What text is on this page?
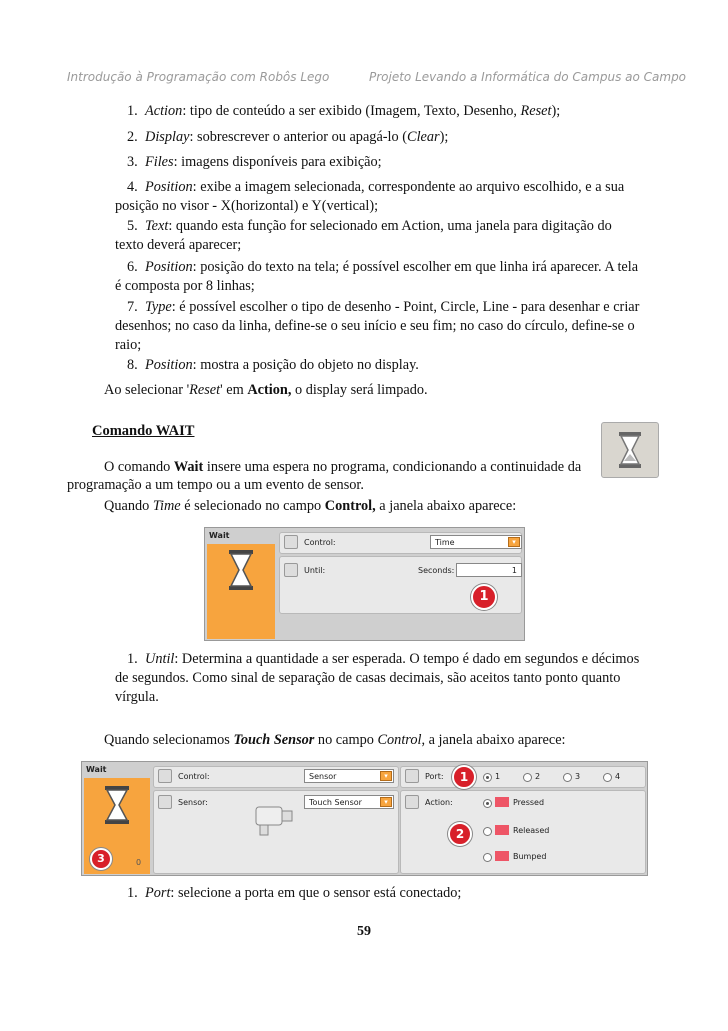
Introdução à Programação com Robôs Lego	Projeto Levando a Informática do Campus ao Campo
1. Action: tipo de conteúdo a ser exibido (Imagem, Texto, Desenho, Reset);
2. Display: sobrescrever o anterior ou apagá-lo (Clear);
3. Files: imagens disponíveis para exibição;
4. Position: exibe a imagem selecionada, correspondente ao arquivo escolhido, e a sua
posição no visor - X(horizontal) e Y(vertical);
5. Text: quando esta função for selecionado em Action, uma janela para digitação do
texto deverá aparecer;
6. Position: posição do texto na tela; é possível escolher em que linha irá aparecer. A tela
é composta por 8 linhas;
7. Type: é possível escolher o tipo de desenho - Point, Circle, Line - para desenhar e criar
desenhos; no caso da linha, define-se o seu início e seu fim; no caso do círculo, define-se o
raio;
8. Position: mostra a posição do objeto no display.
Ao selecionar 'Reset' em Action, o display será limpado.
Comando WAIT
O comando Wait insere uma espera no programa, condicionando a continuidade da
programação a um tempo ou a um evento de sensor.
Quando Time é selecionado no campo Control, a janela abaixo aparece:
Wait
Control:	Time	▾
Until:	Seconds:	1
1
1. Until: Determina a quantidade a ser esperada. O tempo é dado em segundos e décimos
de segundos. Como sinal de separação de casas decimais, são aceitos tanto ponto quanto
vírgula.
Quando selecionamos Touch Sensor no campo Control, a janela abaixo aparece:
Wait
3	0
Control:	Sensor	▾
Sensor:	Touch Sensor	▾
Port:	1	2	3	4
1
Action:	Pressed
Released
Bumped
2
1. Port: selecione a porta em que o sensor está conectado;
59
